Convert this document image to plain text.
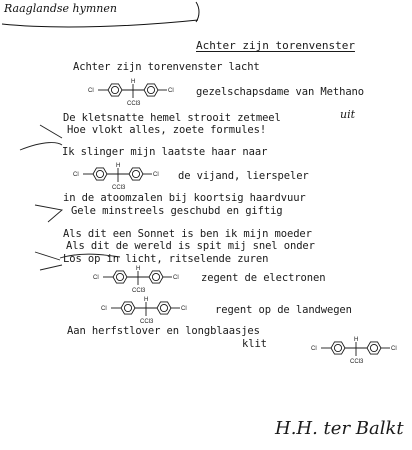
Raaglandse hymnen
Achter zijn torenvenster
Achter zijn torenvenster lacht
gezelschapsdame van Methano
De kletsnatte hemel strooit zetmeel	uit
Hoe vlokt alles, zoete formules!
Ik slinger mijn laatste haar naar
de vijand, lierspeler
in de atoomzalen bij koortsig haardvuur
Gele minstreels geschubd en giftig
Als dit een Sonnet is ben ik mijn moeder
Als dit de wereld is spit mij snel onder
Los op in licht, ritselende zuren
zegent de electronen
regent op de landwegen
Aan herfstlover en longblaasjes
klit
Cl	Cl
H
CCl3
Cl	Cl
H
CCl3
Cl	Cl
H
CCl3
Cl	Cl
H
CCl3
Cl	Cl
H
CCl3
H.H. ter Balkt
